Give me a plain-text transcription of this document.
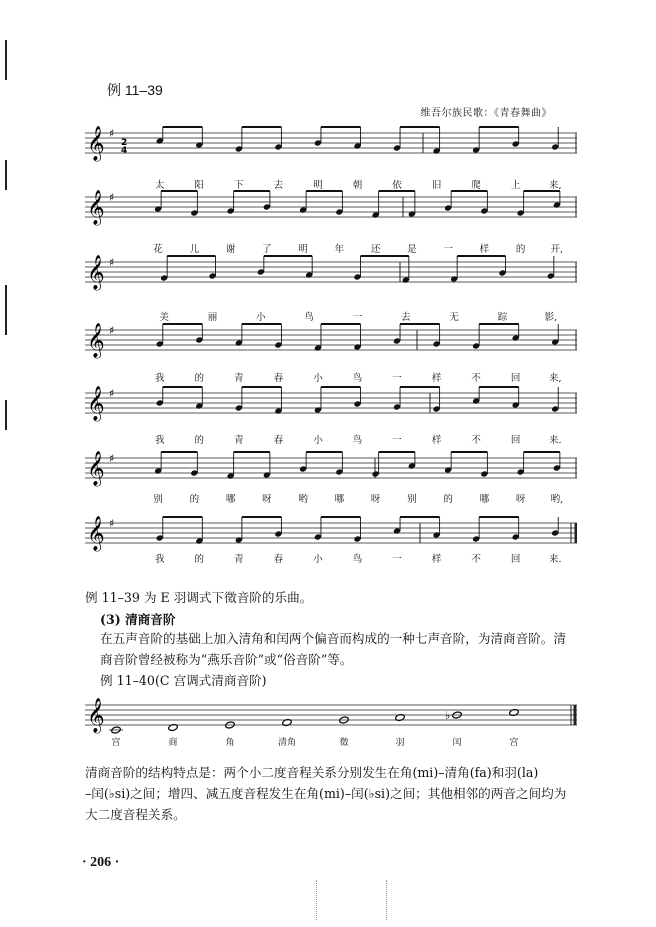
例 11–39
维吾尔族民歌：《青春舞曲》
𝄞 ♯
2
4
太	阳	下	去	明	朝	依	旧	爬	上	来,
𝄞 ♯
花	儿	谢	了	明	年	还	是	一	样	的	开,
𝄞 ♯
美	丽	小	鸟	一	去	无	踪	影,
𝄞 ♯
我	的	青	春	小	鸟	一	样	不	回	来,
𝄞 ♯
我	的	青	春	小	鸟	一	样	不	回	来.
𝄞 ♯
别	的	哪	呀	哟	哪	呀	别	的	哪	呀	哟,
𝄞 ♯
我	的	青	春	小	鸟	一	样	不	回	来.
例 11–39 为 E 羽调式下徵音阶的乐曲。
(3) 清商音阶
在五声音阶的基础上加入清角和闰两个偏音而构成的一种七声音阶，为清商音阶。清商音阶曾经被称为“燕乐音阶”或“俗音阶”等。
例 11–40(C 宫调式清商音阶)
𝄞	♭
宫	商	角	清角	徵	羽	闰	宫
清商音阶的结构特点是：两个小二度音程关系分别发生在角(mi)–清角(fa)和羽(la)
–闰(♭si)之间；增四、减五度音程发生在角(mi)–闰(♭si)之间；其他相邻的两音之间均为
大二度音程关系。
· 206 ·
